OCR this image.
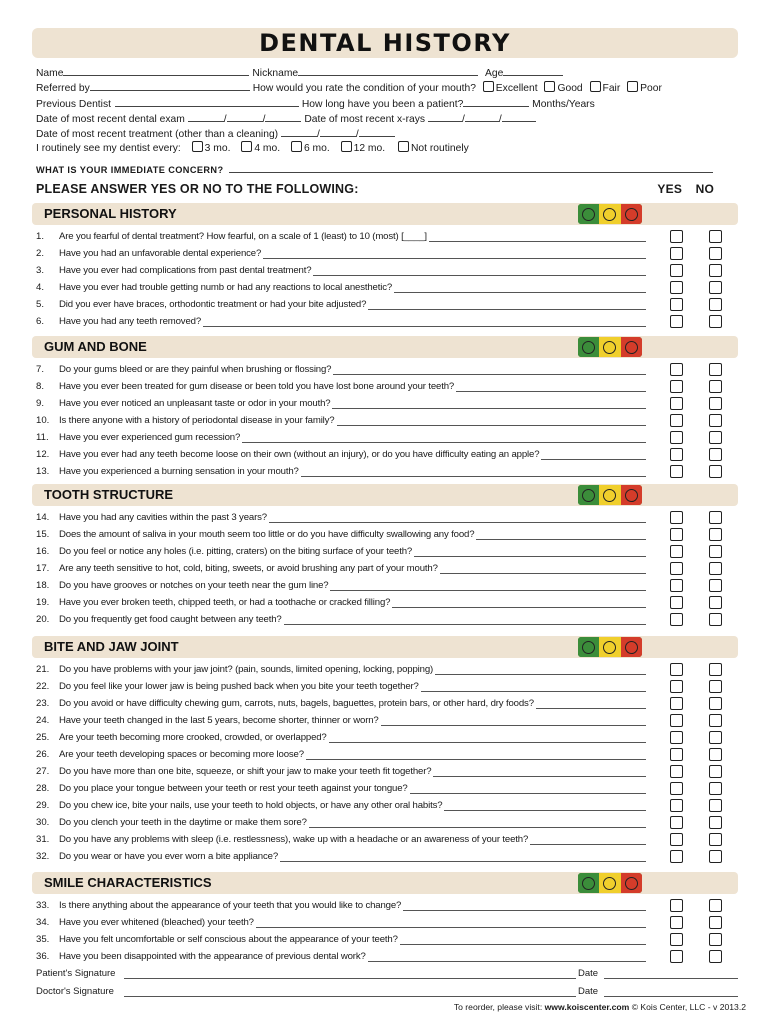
DENTAL HISTORY
Name	Nickname	Age
Referred by	How would you rate the condition of your mouth? Excellent Good Fair Poor
Previous Dentist	How long have you been a patient?	Months/Years
Date of most recent dental exam	/	/	Date of most recent x-rays	/	/
Date of most recent treatment (other than a cleaning)	/	/
I routinely see my dentist every: 3 mo. 4 mo. 6 mo. 12 mo.	Not routinely
WHAT IS YOUR IMMEDIATE CONCERN?
PLEASE ANSWER YES OR NO TO THE FOLLOWING:	YES NO
PERSONAL HISTORY
1. Are you fearful of dental treatment? How fearful, on a scale of 1 (least) to 10 (most) [____]
2. Have you had an unfavorable dental experience?
3. Have you ever had complications from past dental treatment?
4. Have you ever had trouble getting numb or had any reactions to local anesthetic?
5. Did you ever have braces, orthodontic treatment or had your bite adjusted?
6. Have you had any teeth removed?
GUM AND BONE
7. Do your gums bleed or are they painful when brushing or flossing?
8. Have you ever been treated for gum disease or been told you have lost bone around your teeth?
9. Have you ever noticed an unpleasant taste or odor in your mouth?
10. Is there anyone with a history of periodontal disease in your family?
11. Have you ever experienced gum recession?
12. Have you ever had any teeth become loose on their own (without an injury), or do you have difficulty eating an apple?
13. Have you experienced a burning sensation in your mouth?
TOOTH STRUCTURE
14. Have you had any cavities within the past 3 years?
15. Does the amount of saliva in your mouth seem too little or do you have difficulty swallowing any food?
16. Do you feel or notice any holes (i.e. pitting, craters) on the biting surface of your teeth?
17. Are any teeth sensitive to hot, cold, biting, sweets, or avoid brushing any part of your mouth?
18. Do you have grooves or notches on your teeth near the gum line?
19. Have you ever broken teeth, chipped teeth, or had a toothache or cracked filling?
20. Do you frequently get food caught between any teeth?
BITE AND JAW JOINT
21. Do you have problems with your jaw joint? (pain, sounds, limited opening, locking, popping)
22. Do you feel like your lower jaw is being pushed back when you bite your teeth together?
23. Do you avoid or have difficulty chewing gum, carrots, nuts, bagels, baguettes, protein bars, or other hard, dry foods?
24. Have your teeth changed in the last 5 years, become shorter, thinner or worn?
25. Are your teeth becoming more crooked, crowded, or overlapped?
26. Are your teeth developing spaces or becoming more loose?
27. Do you have more than one bite, squeeze, or shift your jaw to make your teeth fit together?
28. Do you place your tongue between your teeth or rest your teeth against your tongue?
29. Do you chew ice, bite your nails, use your teeth to hold objects, or have any other oral habits?
30. Do you clench your teeth in the daytime or make them sore?
31. Do you have any problems with sleep (i.e. restlessness), wake up with a headache or an awareness of your teeth?
32. Do you wear or have you ever worn a bite appliance?
SMILE CHARACTERISTICS
33. Is there anything about the appearance of your teeth that you would like to change?
34. Have you ever whitened (bleached) your teeth?
35. Have you felt uncomfortable or self conscious about the appearance of your teeth?
36. Have you been disappointed with the appearance of previous dental work?
Patient's Signature	Date
Doctor's Signature	Date
To reorder, please visit: www.koiscenter.com © Kois Center, LLC - v 2013.2
